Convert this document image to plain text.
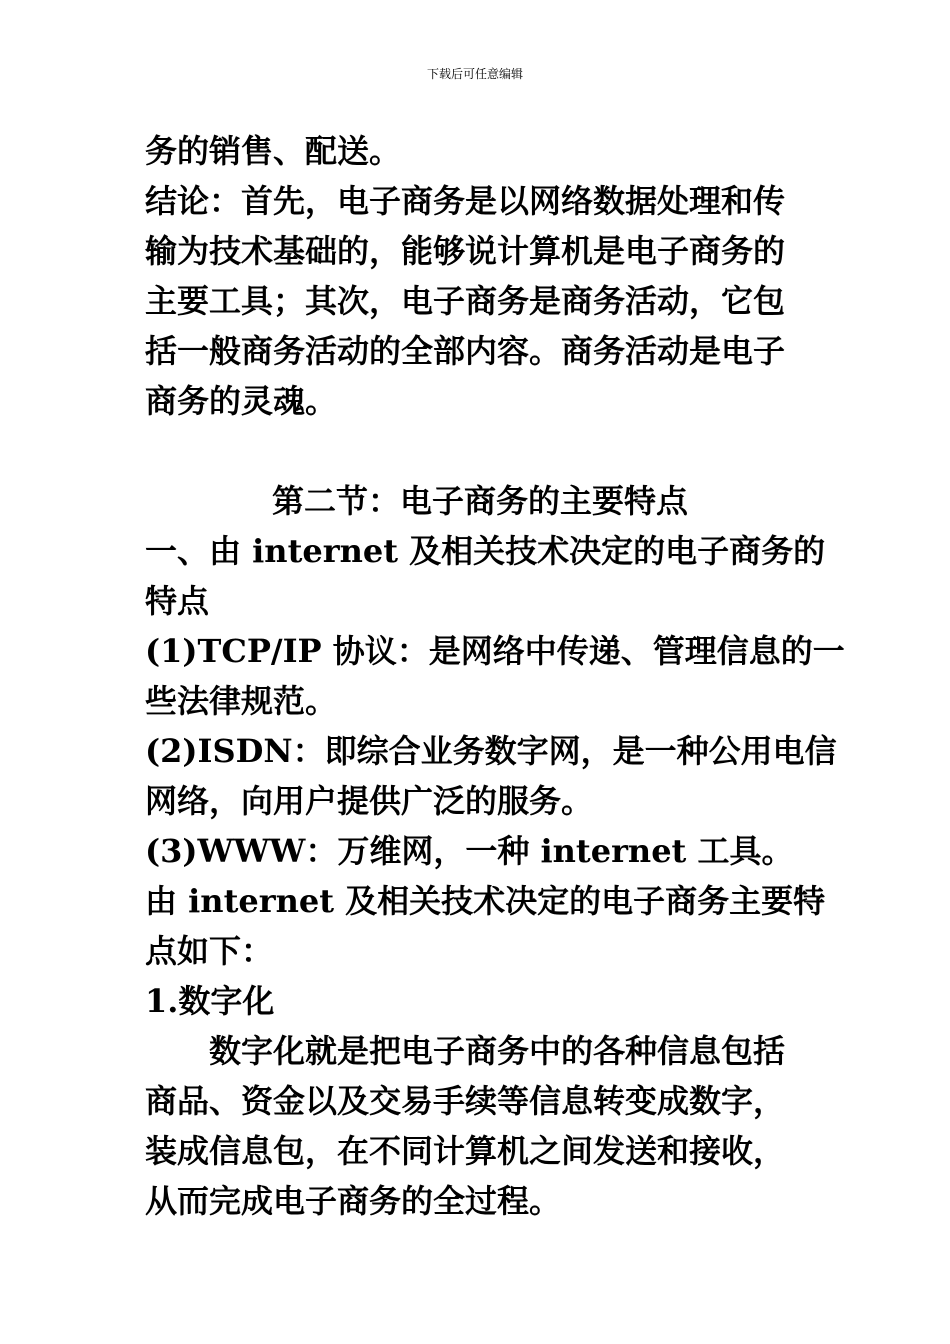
下载后可任意编辑
务的销售、配送。
结论：首先，电子商务是以网络数据处理和传
输为技术基础的，能够说计算机是电子商务的
主要工具；其次，电子商务是商务活动，它包
括一般商务活动的全部内容。商务活动是电子
商务的灵魂。
第二节：电子商务的主要特点
一、由 internet 及相关技术决定的电子商务的
特点
(1)TCP/IP 协议：是网络中传递、管理信息的一
些法律规范。
(2)ISDN：即综合业务数字网，是一种公用电信
网络，向用户提供广泛的服务。
(3)WWW：万维网，一种 internet 工具。
由 internet 及相关技术决定的电子商务主要特
点如下：
1.数字化
数字化就是把电子商务中的各种信息包括
商品、资金以及交易手续等信息转变成数字，
装成信息包，在不同计算机之间发送和接收，
从而完成电子商务的全过程。
